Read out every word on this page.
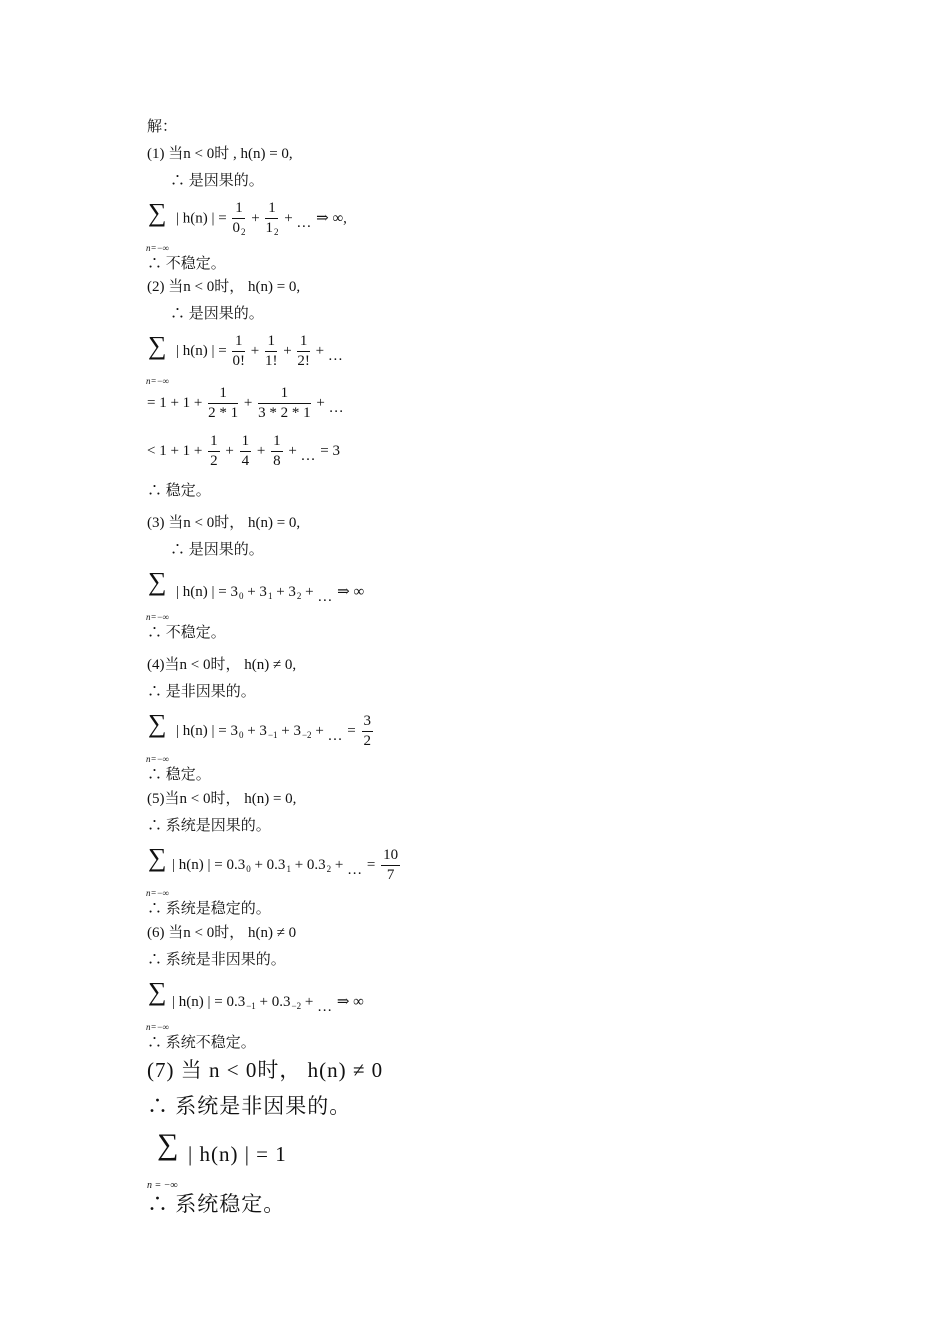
解：
(1) 当n < 0时 , h(n) = 0,
∴ 是因果的。
∑
n=−∞
| h(n) | = $\frac{1}{0^2} + \frac{1}{1^2}$ + … ⇒ ∞,
∴ 不稳定。
(2) 当n < 0时， h(n) = 0,
∴ 是因果的。
∑
n=−∞
| h(n) | = $\frac{1}{0!} + \frac{1}{1!} + \frac{1}{2!}$ + …
= $1 + 1 + \frac{1}{2 * 1} + \frac{1}{3 * 2 * 1}$ + …
< $1 + 1 + \frac{1}{2} + \frac{1}{4} + \frac{1}{8}$ + … = 3
∴ 稳定。
(3) 当n < 0时， h(n) = 0,
∴ 是因果的。
∑
n=−∞
| h(n) | = $3^0 + 3^1 + 3^2$ + … ⇒ ∞
∴ 不稳定。
(4)当n < 0时， h(n) ≠ 0,
∴ 是非因果的。
∑
n=−∞
| h(n) | = $3^0 + 3^{-1} + 3^{-2}$ + … = $\frac{3}{2}$
∴ 稳定。
(5)当n < 0时， h(n) = 0,
∴ 系统是因果的。
∑
n=−∞
| h(n) | = $0.3^0 + 0.3^1 + 0.3^2$ + … = $\frac{10}{7}$
∴ 系统是稳定的。
(6) 当n < 0时， h(n) ≠ 0
∴ 系统是非因果的。
∑
n=−∞
| h(n) | = $0.3^{-1} + 0.3^{-2}$ + … ⇒ ∞
∴ 系统不稳定。
(7) 当 n < 0时， h(n) ≠ 0
∴ 系统是非因果的。
∑
n = −∞
| h(n) | = 1
∴ 系统稳定。
